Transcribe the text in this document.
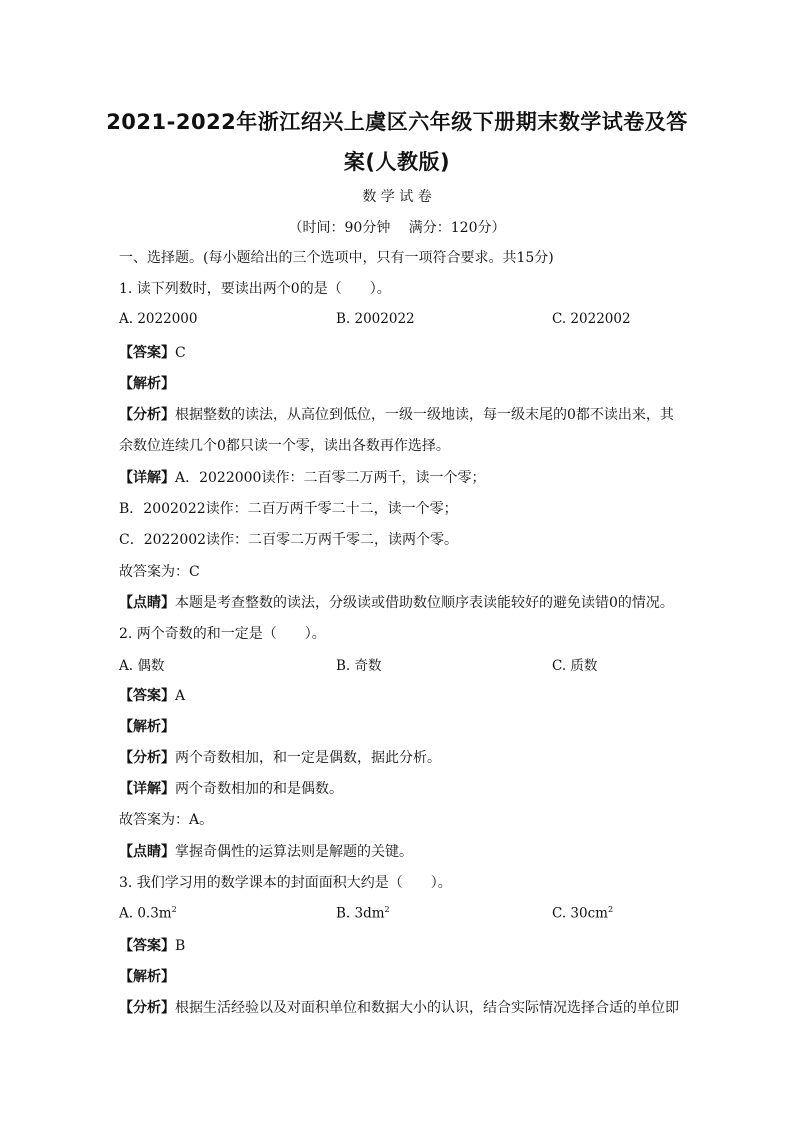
2021-2022年浙江绍兴上虞区六年级下册期末数学试卷及答
案(人教版)
数 学 试 卷
（时间：90分钟　 满分：120分）
一、选择题。(每小题给出的三个选项中，只有一项符合要求。共15分)
1. 读下列数时，要读出两个0的是（　　）。
A. 2022000	B. 2002022	C. 2022002
【答案】C
【解析】
【分析】根据整数的读法，从高位到低位，一级一级地读，每一级末尾的0都不读出来，其
余数位连续几个0都只读一个零，读出各数再作选择。
【详解】A．2022000读作：二百零二万两千，读一个零；
B．2002022读作：二百万两千零二十二，读一个零；
C．2022002读作：二百零二万两千零二，读两个零。
故答案为：C
【点睛】本题是考查整数的读法，分级读或借助数位顺序表读能较好的避免读错0的情况。
2. 两个奇数的和一定是（　　）。
A. 偶数	B. 奇数	C. 质数
【答案】A
【解析】
【分析】两个奇数相加，和一定是偶数，据此分析。
【详解】两个奇数相加的和是偶数。
故答案为：A。
【点睛】掌握奇偶性的运算法则是解题的关键。
3. 我们学习用的数学课本的封面面积大约是（　　）。
A. $0.3m^2$	B. $3dm^2$	C. $30cm^2$
【答案】B
【解析】
【分析】根据生活经验以及对面积单位和数据大小的认识，结合实际情况选择合适的单位即
